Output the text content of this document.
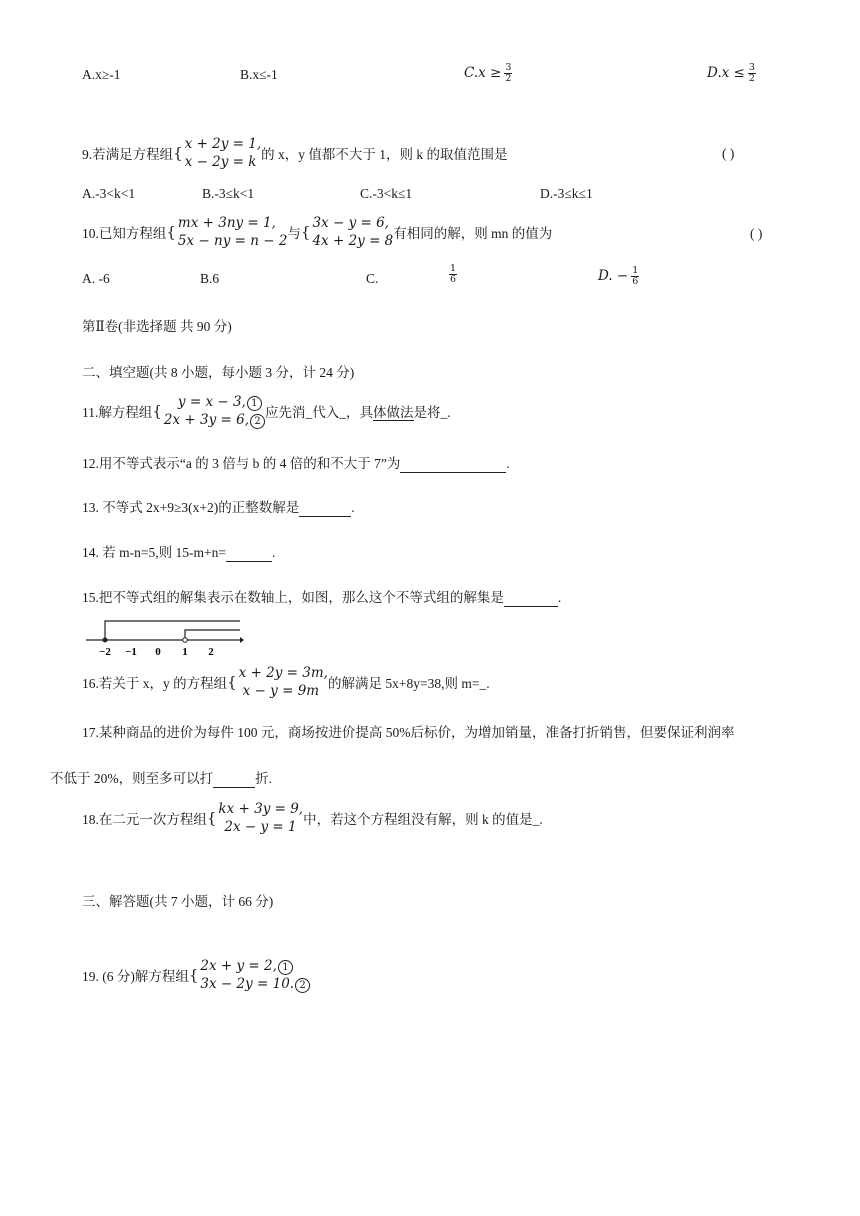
A.x≥-1	B.x≤-1	$C.x \ge \frac{3}{2}$	$D.x \le \frac{3}{2}$
9.若满足方程组 { x + 2y = 1,
x − 2y = k 的 x，y 值都不大于 1，则 k 的取值范围是	( )
A.-3<k<1	B.-3≤k<1	C.-3<k≤1	D.-3≤k≤1
10.已知方程组 { mx + 3ny = 1,
5x − ny = n − 2 与 { 3x − y = 6,
4x + 2y = 8 有相同的解，则 mn 的值为	( )
A. -6	B.6	C.	$\frac{1}{6}$	D. − $\frac{1}{6}$
第Ⅱ卷(非选择题 共 90 分)
二、填空题(共 8 小题，每小题 3 分，计 24 分)
11.解方程组 {	y = x − 3, 1
2x + 3y = 6, 2
应先消_代入_，具体做法是将_.
12.用不等式表示“a 的 3 倍与 b 的 4 倍的和不大于 7”为	.
13. 不等式 2x+9≥3(x+2)的正整数解是	.
14. 若 m-n=5,则 15-m+n=	.
15.把不等式组的解集表示在数轴上，如图，那么这个不等式组的解集是	.
−2 −1 0 1 2
16.若关于 x，y 的方程组 { x + 2y = 3m,
x − y = 9m 的解满足 5x+8y=38,则 m=_.
17.某种商品的进价为每件 100 元，商场按进价提高 50%后标价，为增加销量，准备打折销售，但要保证利润率
不低于 20%，则至多可以打	折.
18.在二元一次方程组 { kx + 3y = 9,
2x − y = 1 中，若这个方程组没有解，则 k 的值是_.
三、解答题(共 7 小题，计 66 分)
19. (6 分)解方程组 { 2x + y = 2, 1
3x − 2y = 10. 2
